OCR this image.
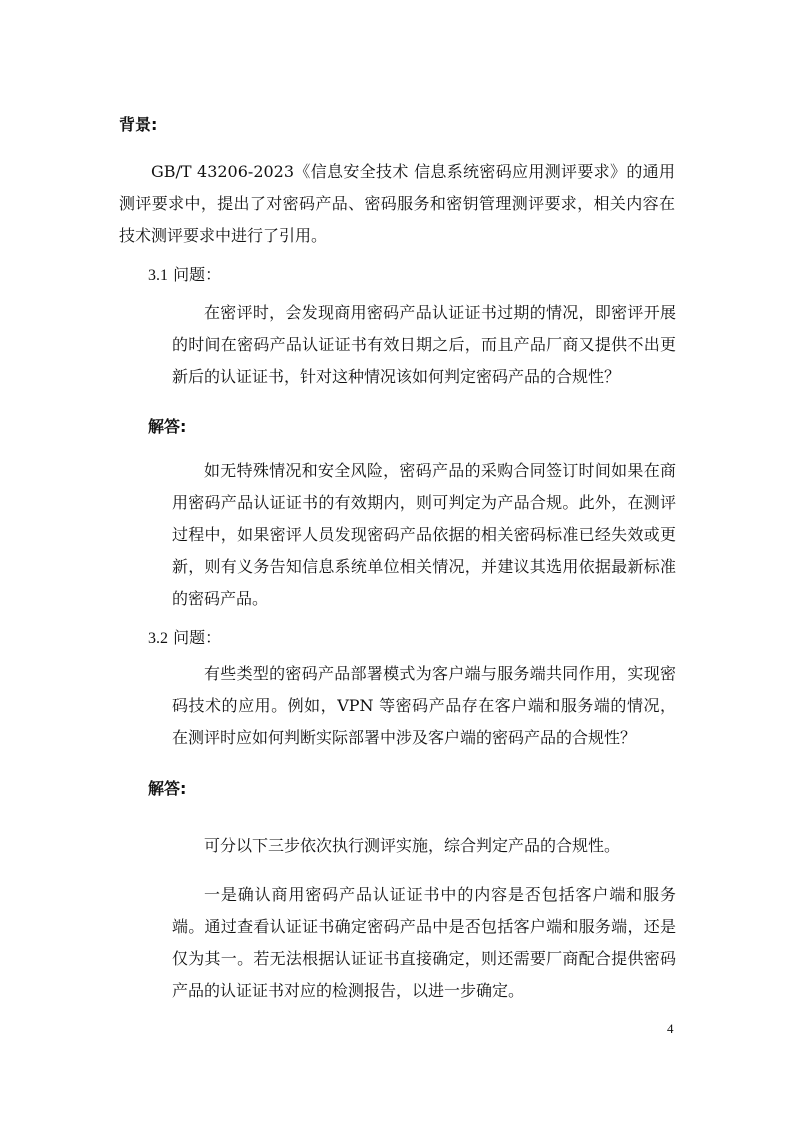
背景:

GB/T 43206-2023《信息安全技术 信息系统密码应用测评要求》的通用测评要求中，提出了对密码产品、密码服务和密钥管理测评要求，相关内容在技术测评要求中进行了引用。

3.1 问题：

在密评时，会发现商用密码产品认证证书过期的情况，即密评开展的时间在密码产品认证证书有效日期之后，而且产品厂商又提供不出更新后的认证证书，针对这种情况该如何判定密码产品的合规性？

解答:

如无特殊情况和安全风险，密码产品的采购合同签订时间如果在商用密码产品认证证书的有效期内，则可判定为产品合规。此外，在测评过程中，如果密评人员发现密码产品依据的相关密码标准已经失效或更新，则有义务告知信息系统单位相关情况，并建议其选用依据最新标准的密码产品。

3.2 问题：

有些类型的密码产品部署模式为客户端与服务端共同作用，实现密码技术的应用。例如，VPN 等密码产品存在客户端和服务端的情况，在测评时应如何判断实际部署中涉及客户端的密码产品的合规性？

解答:

可分以下三步依次执行测评实施，综合判定产品的合规性。

一是确认商用密码产品认证证书中的内容是否包括客户端和服务端。通过查看认证证书确定密码产品中是否包括客户端和服务端，还是仅为其一。若无法根据认证证书直接确定，则还需要厂商配合提供密码产品的认证证书对应的检测报告，以进一步确定。

4
